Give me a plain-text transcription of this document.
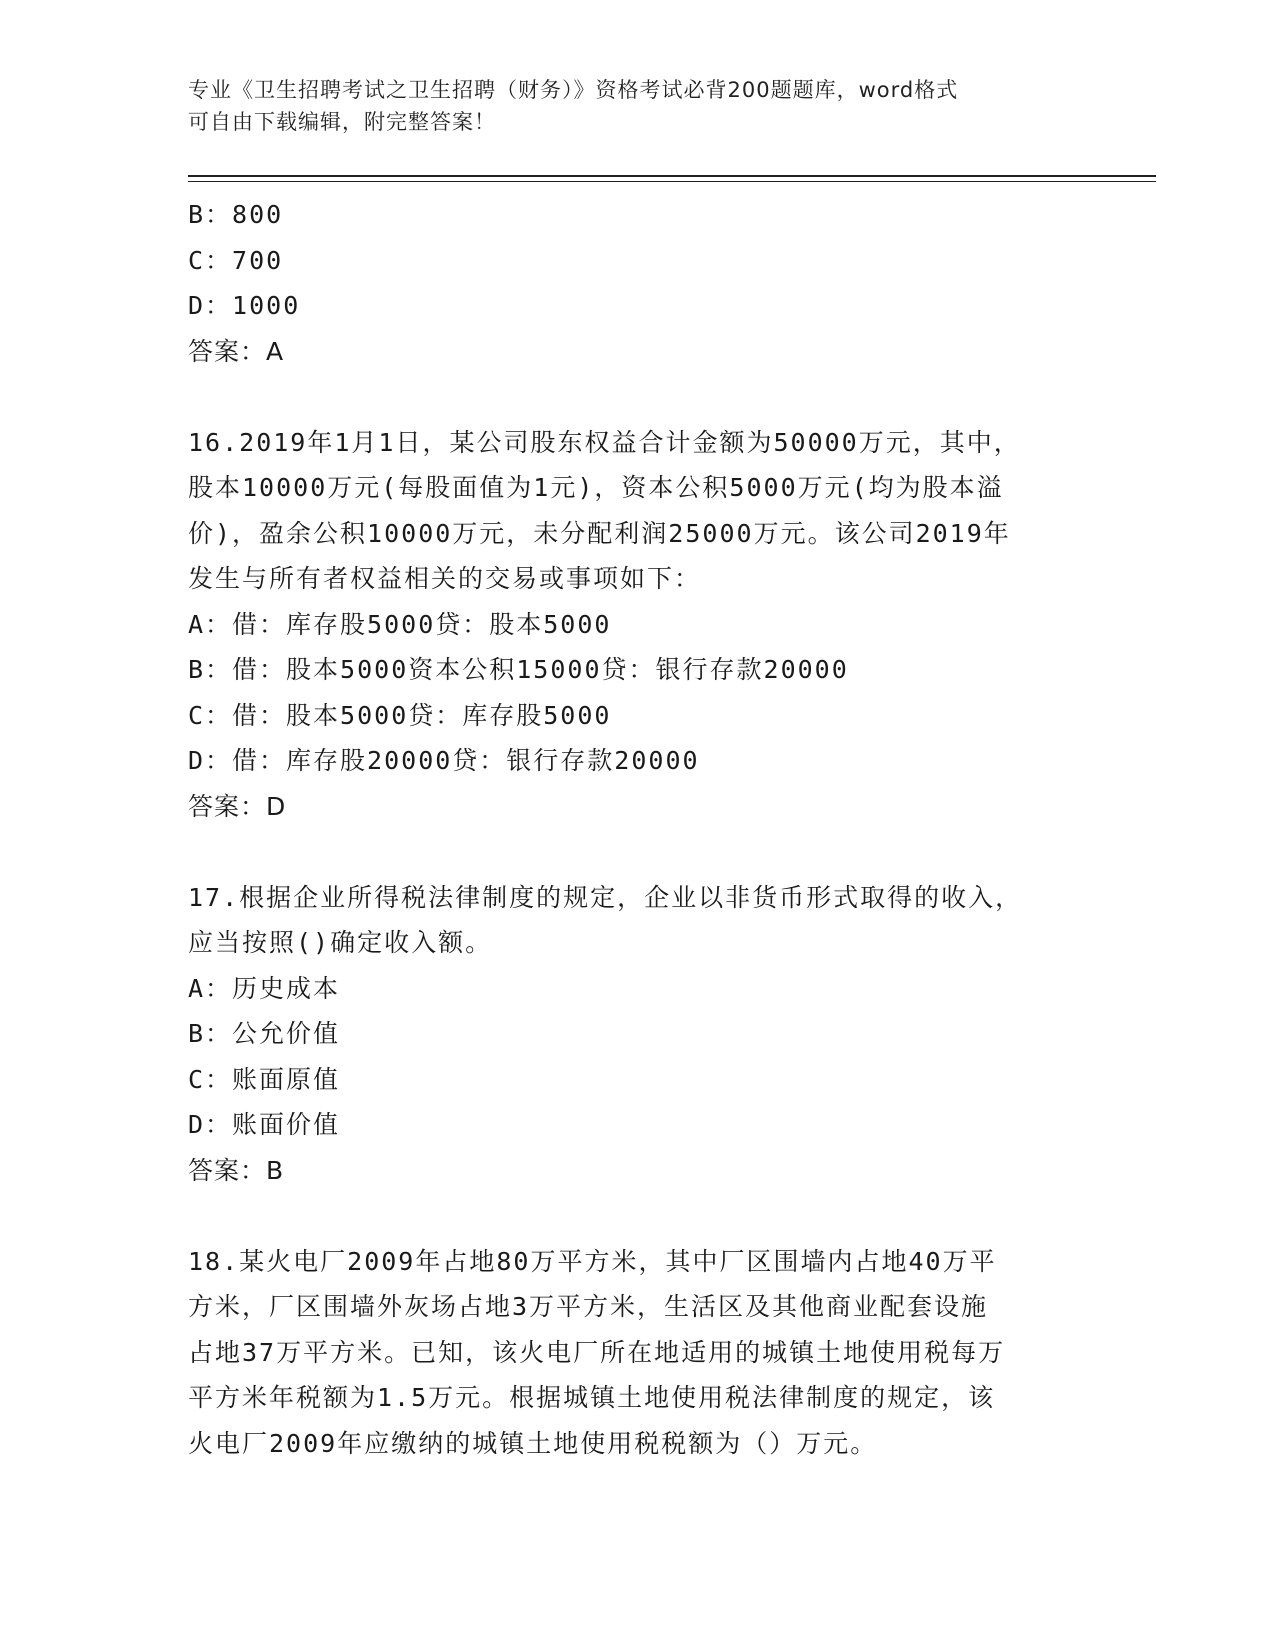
专业《卫生招聘考试之卫生招聘（财务）》资格考试必背200题题库，word格式
可自由下载编辑，附完整答案！
B：800
C：700
D：1000
答案：A
16.2019年1月1日，某公司股东权益合计金额为50000万元，其中，
股本10000万元(每股面值为1元)，资本公积5000万元(均为股本溢
价)，盈余公积10000万元，未分配利润25000万元。该公司2019年
发生与所有者权益相关的交易或事项如下：
A：借：库存股5000贷：股本5000
B：借：股本5000资本公积15000贷：银行存款20000
C：借：股本5000贷：库存股5000
D：借：库存股20000贷：银行存款20000
答案：D
17.根据企业所得税法律制度的规定，企业以非货币形式取得的收入，
应当按照()确定收入额。
A：历史成本
B：公允价值
C：账面原值
D：账面价值
答案：B
18.某火电厂2009年占地80万平方米，其中厂区围墙内占地40万平
方米，厂区围墙外灰场占地3万平方米，生活区及其他商业配套设施
占地37万平方米。已知，该火电厂所在地适用的城镇土地使用税每万
平方米年税额为1.5万元。根据城镇土地使用税法律制度的规定，该
火电厂2009年应缴纳的城镇土地使用税税额为（）万元。
